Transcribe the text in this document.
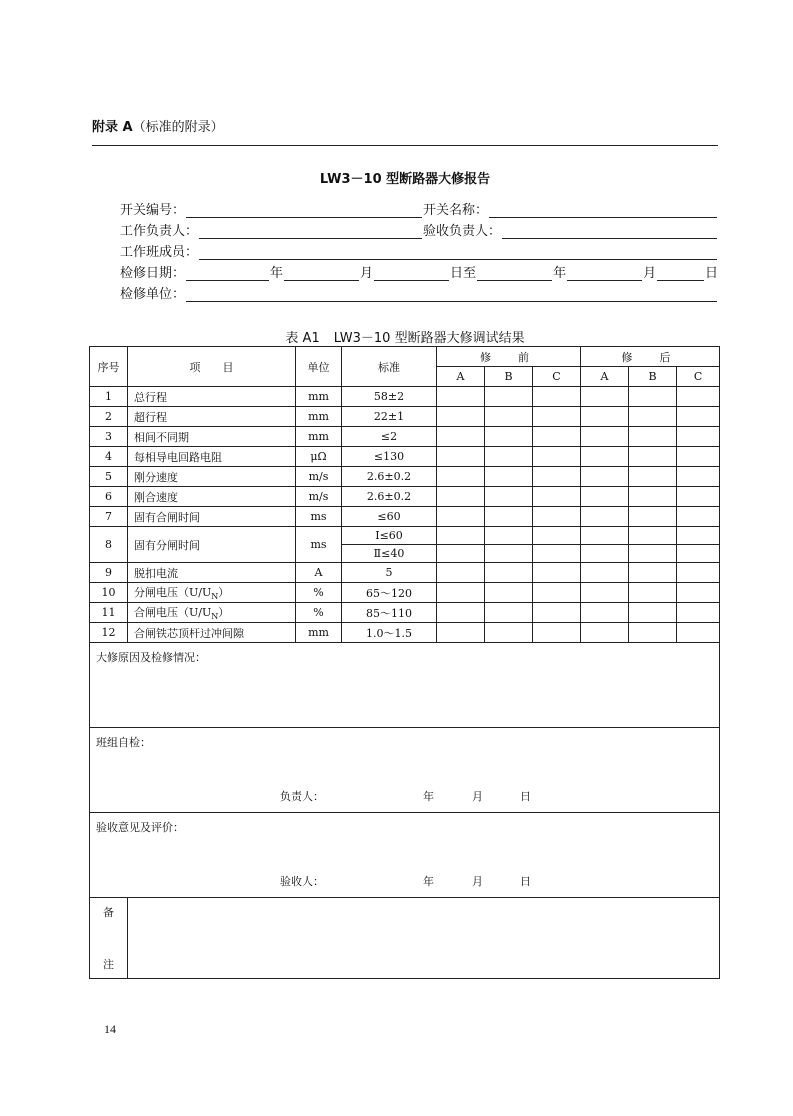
附录 A（标准的附录）
LW3－10 型断路器大修报告
开关编号：	开关名称：
工作负责人：	验收负责人：
工作班成员：
检修日期：	年	月	日至	年	月	日
检修单位：
表 A1 LW3－10 型断路器大修调试结果
序号	项　　目	单位	标准	修　前			修　后		
				A	B	C	A	B	C
1	总行程	mm	58±2						
2	超行程	mm	22±1						
3	相间不同期	mm	≤2						
4	每相导电回路电阻	μΩ	≤130						
5	刚分速度	m/s	2.6±0.2						
6	刚合速度	m/s	2.6±0.2						
7	固有合闸时间	ms	≤60						
8	固有分闸时间	ms	Ⅰ≤60						
			Ⅱ≤40						
9	脱扣电流	A	5						
10	分闸电压$(U/U_N)$	%	65～120						
11	合闸电压$(U/U_N)$	%	85～110						
12	合闸铁芯顶杆过冲间隙	mm	1.0～1.5						
大修原因及检修情况：									
班组自检：
负责人： 年 月 日									

验收意见及评价：
验收人： 年 月 日									

备
注									

14
